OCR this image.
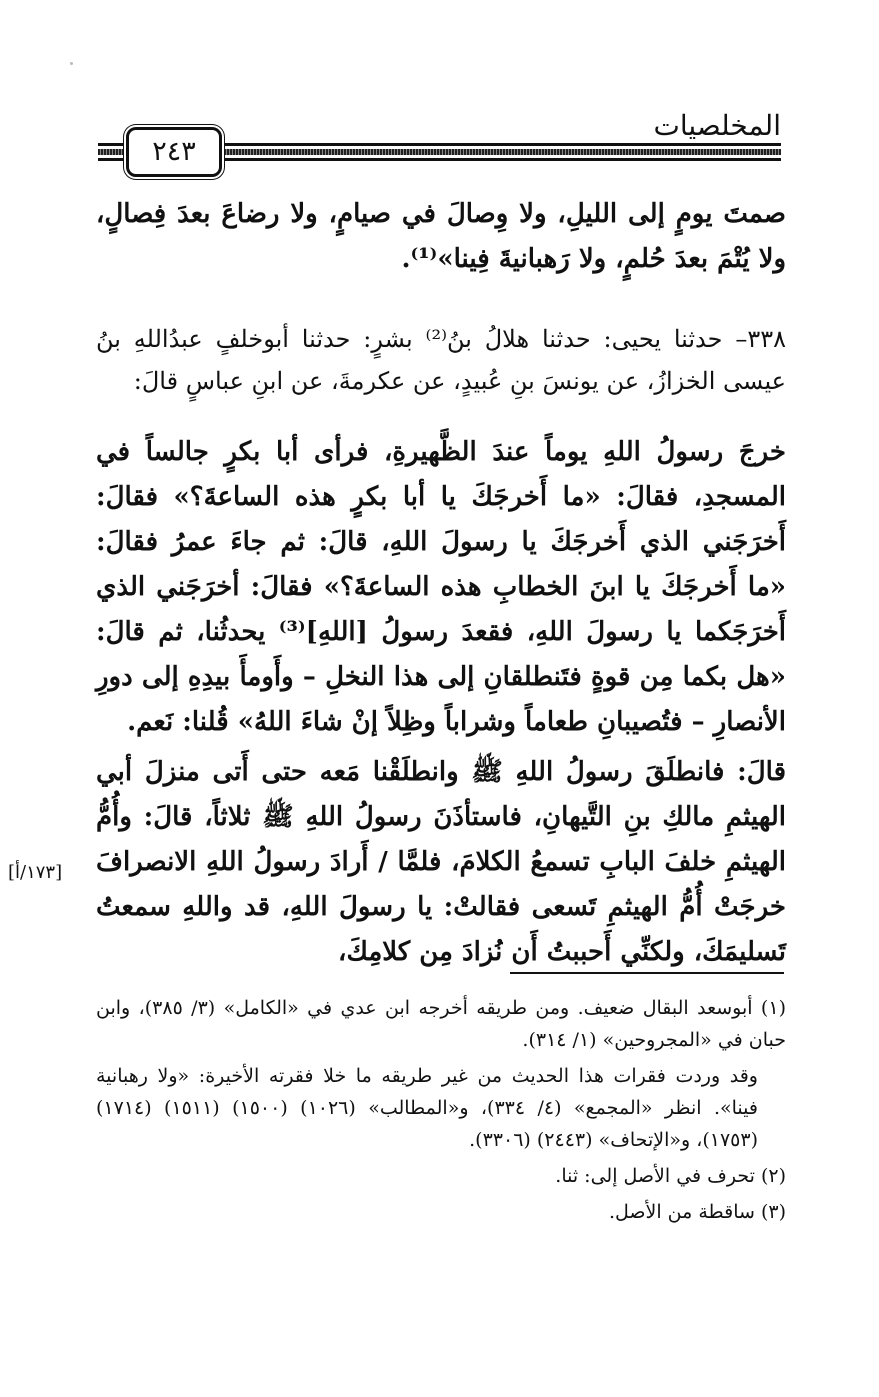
المخلصيات
٢٤٣

صمتَ يومٍ إلى الليلِ، ولا وِصالَ في صيامٍ، ولا رضاعَ بعدَ فِصالٍ، ولا يُتْمَ بعدَ حُلمٍ، ولا رَهبانيةَ فِينا»⁽¹⁾.

٣٣٨– حدثنا يحيى: حدثنا هلالُ بنُ⁽²⁾ بشرٍ: حدثنا أبوخلفٍ عبدُاللهِ بنُ عيسى الخزازُ، عن يونسَ بنِ عُبيدٍ، عن عكرمةَ، عن ابنِ عباسٍ قالَ:

خرجَ رسولُ اللهِ يوماً عندَ الظَّهيرةِ، فرأى أبا بكرٍ جالساً في المسجدِ، فقالَ: «ما أَخرجَكَ يا أبا بكرٍ هذه الساعةَ؟» فقالَ: أَخرَجَني الذي أَخرجَكَ يا رسولَ اللهِ، قالَ: ثم جاءَ عمرُ فقالَ: «ما أَخرجَكَ يا ابنَ الخطابِ هذه الساعةَ؟» فقالَ: أخرَجَني الذي أَخرَجَكما يا رسولَ اللهِ، فقعدَ رسولُ [اللهِ]⁽³⁾ يحدثُنا، ثم قالَ: «هل بكما مِن قوةٍ فتَنطلقانِ إلى هذا النخلِ – وأَومأَ بيدِهِ إلى دورِ الأنصارِ – فتُصيبانِ طعاماً وشراباً وظِلاً إنْ شاءَ اللهُ» قُلنا: نَعم.

قالَ: فانطلَقَ رسولُ اللهِ ﷺ وانطلَقْنا مَعه حتى أَتى منزلَ أبي الهيثمِ مالكِ بنِ التَّيهانِ، فاستأذَنَ رسولُ اللهِ ﷺ ثلاثاً، قالَ: وأُمُّ الهيثمِ خلفَ البابِ تسمعُ الكلامَ، فلمَّا / أَرادَ رسولُ اللهِ الانصرافَ خرجَتْ أُمُّ الهيثمِ تَسعى فقالتْ: يا رسولَ اللهِ، قد واللهِ سمعتُ تَسليمَكَ، ولكنِّي أَحببتُ أَن نُزادَ مِن كلامِكَ،

[١٧٣/أ]

(١) أبوسعد البقال ضعيف. ومن طريقه أخرجه ابن عدي في «الكامل» (٣/ ٣٨٥)، وابن حبان في «المجروحين» (١/ ٣١٤).

وقد وردت فقرات هذا الحديث من غير طريقه ما خلا فقرته الأخيرة: «ولا رهبانية فينا». انظر «المجمع» (٤/ ٣٣٤)، و«المطالب» (١٠٢٦) (١٥٠٠) (١٥١١) (١٧١٤) (١٧٥٣)، و«الإتحاف» (٢٤٤٣) (٣٣٠٦).

(٢) تحرف في الأصل إلى: ثنا.

(٣) ساقطة من الأصل.
